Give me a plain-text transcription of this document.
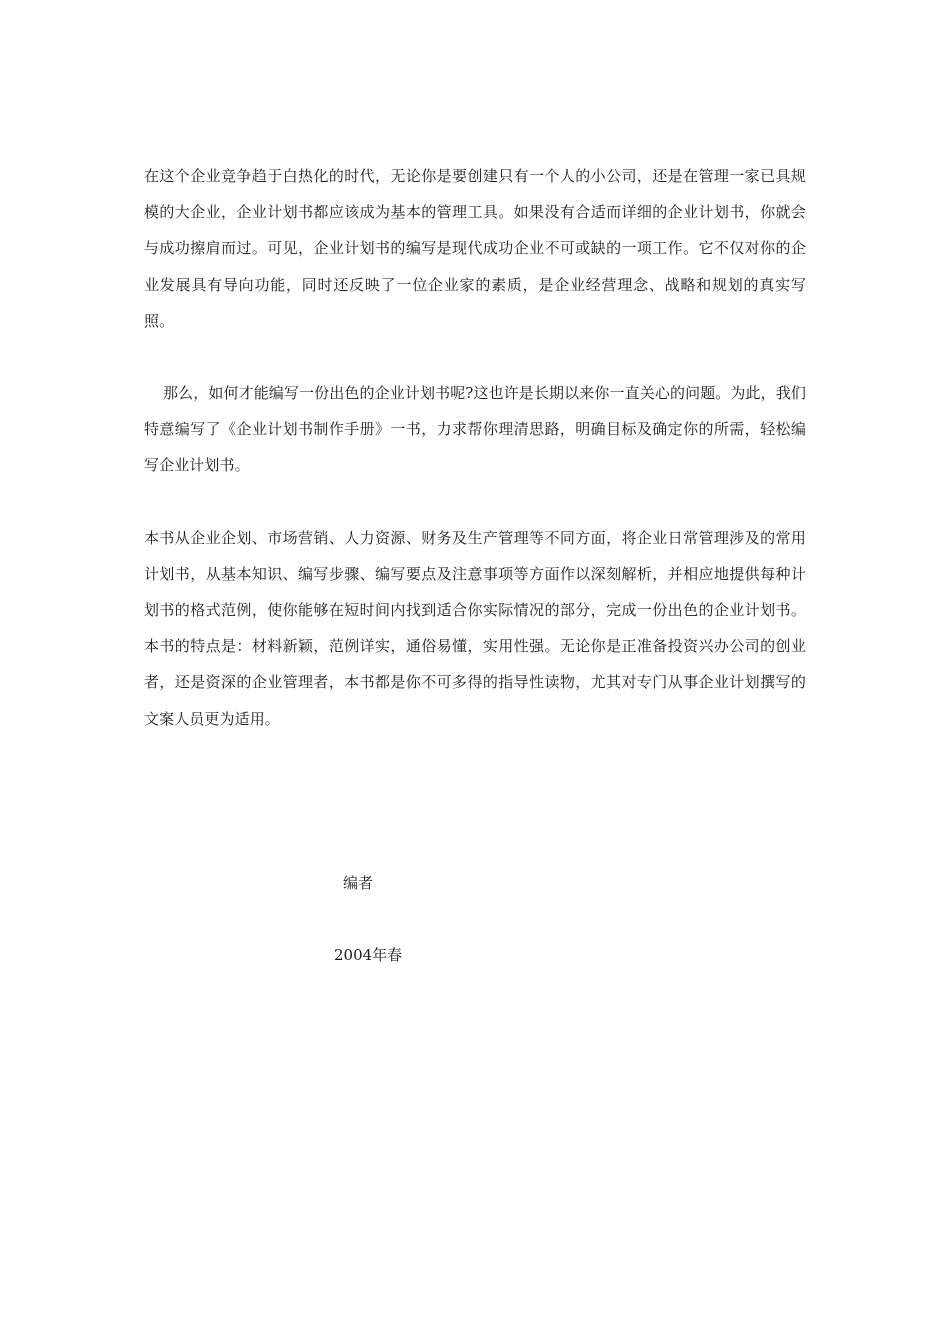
在这个企业竞争趋于白热化的时代，无论你是要创建只有一个人的小公司，还是在管理一家已具规模的大企业，企业计划书都应该成为基本的管理工具。如果没有合适而详细的企业计划书，你就会与成功擦肩而过。可见，企业计划书的编写是现代成功企业不可或缺的一项工作。它不仅对你的企业发展具有导向功能，同时还反映了一位企业家的素质，是企业经营理念、战略和规划的真实写照。

那么，如何才能编写一份出色的企业计划书呢?这也许是长期以来你一直关心的问题。为此，我们特意编写了《企业计划书制作手册》一书，力求帮你理清思路，明确目标及确定你的所需，轻松编写企业计划书。

本书从企业企划、市场营销、人力资源、财务及生产管理等不同方面，将企业日常管理涉及的常用计划书，从基本知识、编写步骤、编写要点及注意事项等方面作以深刻解析，并相应地提供每种计划书的格式范例，使你能够在短时间内找到适合你实际情况的部分，完成一份出色的企业计划书。本书的特点是：材料新颖，范例详实，通俗易懂，实用性强。无论你是正准备投资兴办公司的创业者，还是资深的企业管理者，本书都是你不可多得的指导性读物，尤其对专门从事企业计划撰写的文案人员更为适用。

编者

2004年春
